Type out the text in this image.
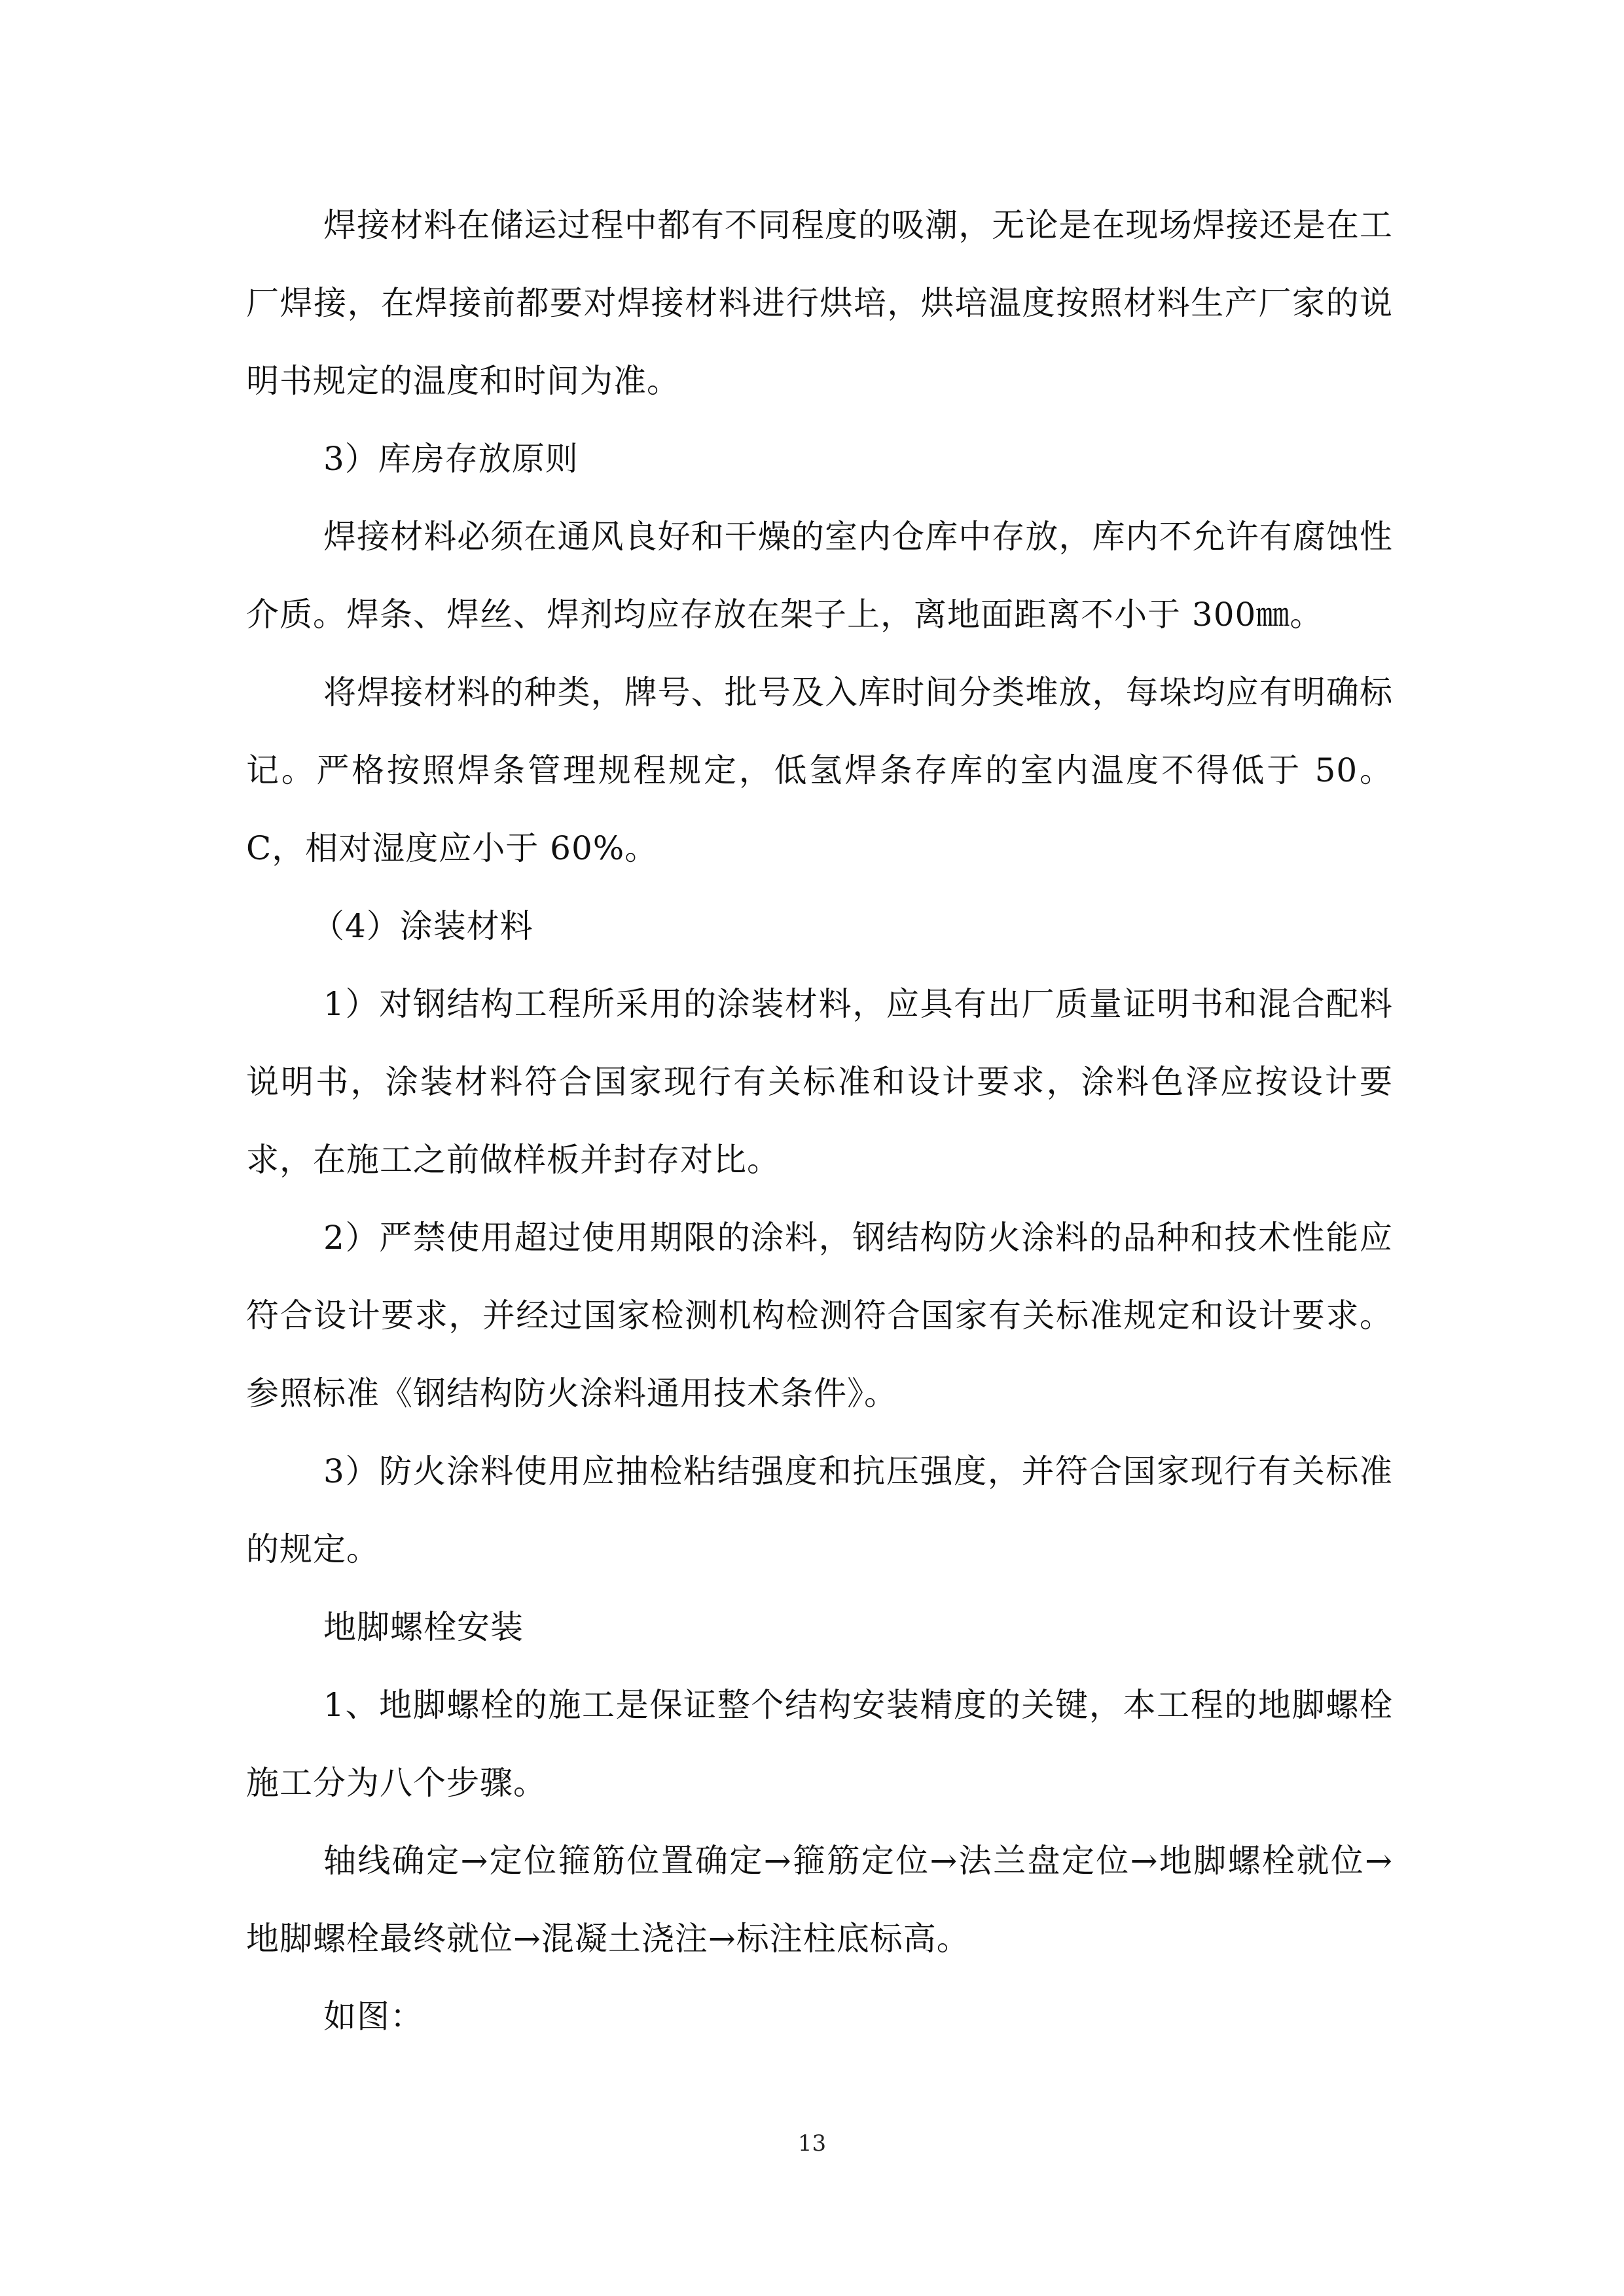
焊接材料在储运过程中都有不同程度的吸潮，无论是在现场焊接还是在工厂焊接，在焊接前都要对焊接材料进行烘培，烘培温度按照材料生产厂家的说明书规定的温度和时间为准。

3）库房存放原则

焊接材料必须在通风良好和干燥的室内仓库中存放，库内不允许有腐蚀性介质。焊条、焊丝、焊剂均应存放在架子上，离地面距离不小于 300㎜。

将焊接材料的种类，牌号、批号及入库时间分类堆放，每垛均应有明确标记。严格按照焊条管理规程规定，低氢焊条存库的室内温度不得低于 50。C，相对湿度应小于 60%。

（4）涂装材料

1）对钢结构工程所采用的涂装材料，应具有出厂质量证明书和混合配料说明书，涂装材料符合国家现行有关标准和设计要求，涂料色泽应按设计要求，在施工之前做样板并封存对比。

2）严禁使用超过使用期限的涂料，钢结构防火涂料的品种和技术性能应符合设计要求，并经过国家检测机构检测符合国家有关标准规定和设计要求。参照标准《钢结构防火涂料通用技术条件》。

3）防火涂料使用应抽检粘结强度和抗压强度，并符合国家现行有关标准的规定。

地脚螺栓安装

1、地脚螺栓的施工是保证整个结构安装精度的关键，本工程的地脚螺栓施工分为八个步骤。

轴线确定→定位箍筋位置确定→箍筋定位→法兰盘定位→地脚螺栓就位→地脚螺栓最终就位→混凝土浇注→标注柱底标高。

如图：

13
